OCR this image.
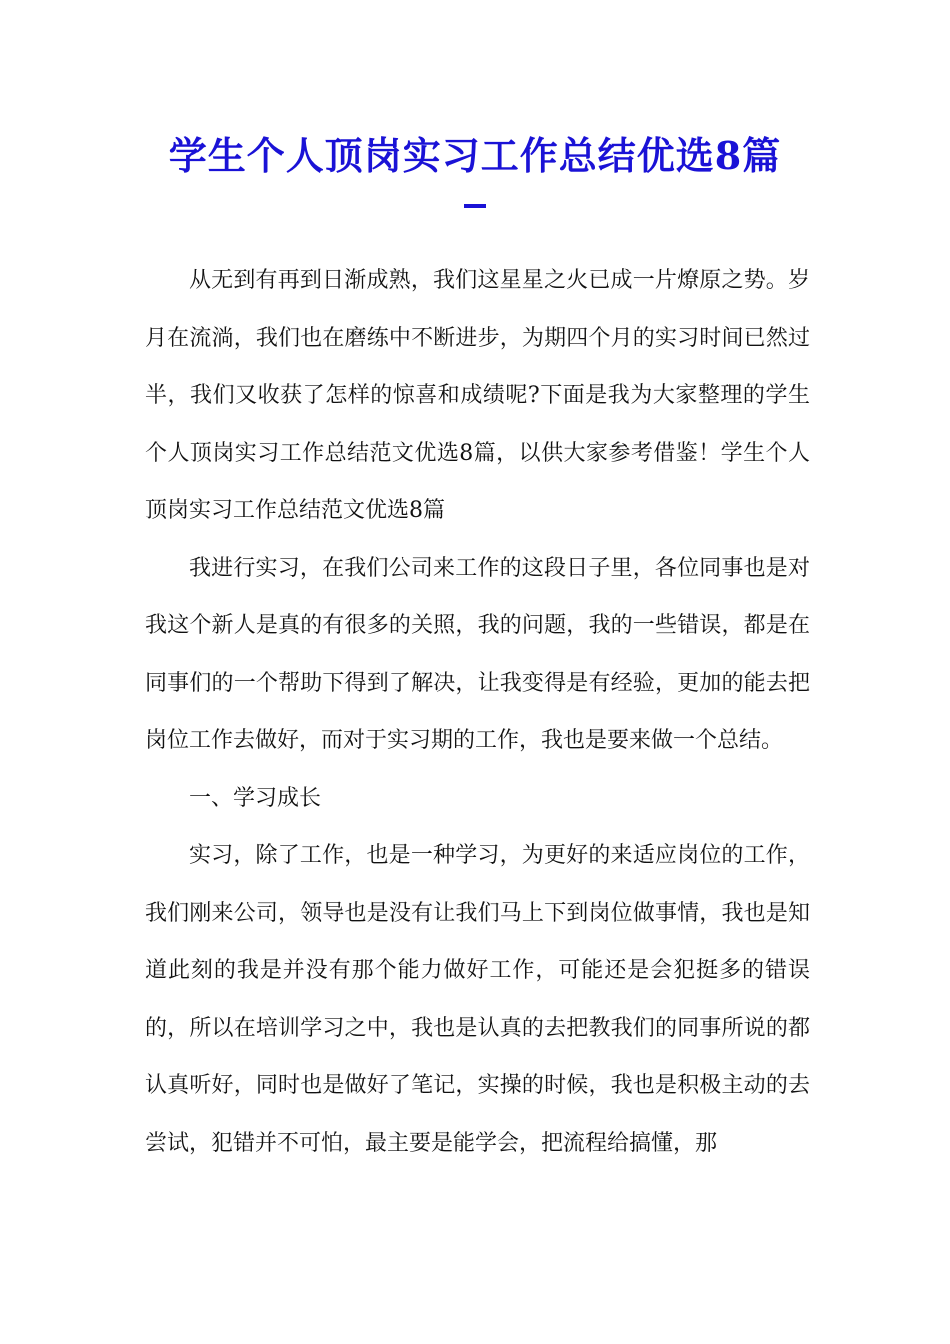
学生个人顶岗实习工作总结优选8篇

从无到有再到日渐成熟，我们这星星之火已成一片燎原之势。岁月在流淌，我们也在磨练中不断进步，为期四个月的实习时间已然过半，我们又收获了怎样的惊喜和成绩呢?下面是我为大家整理的学生个人顶岗实习工作总结范文优选8篇，以供大家参考借鉴！学生个人顶岗实习工作总结范文优选8篇

我进行实习，在我们公司来工作的这段日子里，各位同事也是对我这个新人是真的有很多的关照，我的问题，我的一些错误，都是在同事们的一个帮助下得到了解决，让我变得是有经验，更加的能去把岗位工作去做好，而对于实习期的工作，我也是要来做一个总结。

一、学习成长

实习，除了工作，也是一种学习，为更好的来适应岗位的工作，我们刚来公司，领导也是没有让我们马上下到岗位做事情，我也是知道此刻的我是并没有那个能力做好工作，可能还是会犯挺多的错误的，所以在培训学习之中，我也是认真的去把教我们的同事所说的都认真听好，同时也是做好了笔记，实操的时候，我也是积极主动的去尝试，犯错并不可怕，最主要是能学会，把流程给搞懂，那
